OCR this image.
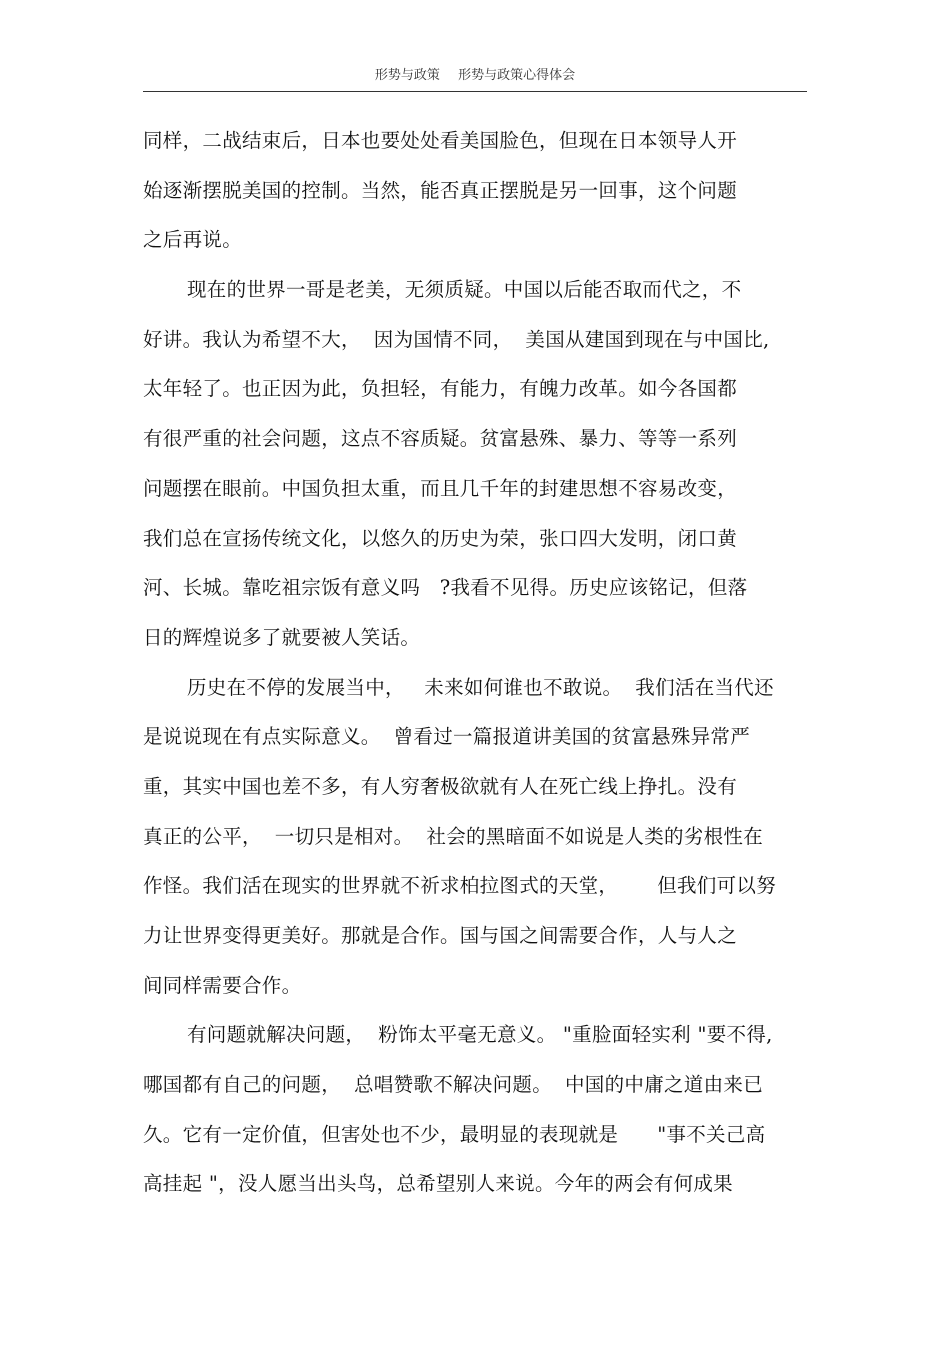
形势与政策 形势与政策心得体会
同样，二战结束后，日本也要处处看美国脸色，但现在日本领导人开
始逐渐摆脱美国的控制。当然，能否真正摆脱是另一回事，这个问题
之后再说。
现在的世界一哥是老美，无须质疑。中国以后能否取而代之，不
好讲。我认为希望不大，  因为国情不同，  美国从建国到现在与中国比,
太年轻了。也正因为此，负担轻，有能力，有魄力改革。如今各国都
有很严重的社会问题，这点不容质疑。贫富悬殊、暴力、等等一系列
问题摆在眼前。中国负担太重，而且几千年的封建思想不容易改变，
我们总在宣扬传统文化，以悠久的历史为荣，张口四大发明，闭口黄
河、长城。靠吃祖宗饭有意义吗   ?我看不见得。历史应该铭记，但落
日的辉煌说多了就要被人笑话。
历史在不停的发展当中，   未来如何谁也不敢说。  我们活在当代还
是说说现在有点实际意义。  曾看过一篇报道讲美国的贫富悬殊异常严
重，其实中国也差不多，有人穷奢极欲就有人在死亡线上挣扎。没有
真正的公平，  一切只是相对。  社会的黑暗面不如说是人类的劣根性在
作怪。我们活在现实的世界就不祈求柏拉图式的天堂，      但我们可以努
力让世界变得更美好。那就是合作。国与国之间需要合作，人与人之
间同样需要合作。
有问题就解决问题，  粉饰太平毫无意义。 "重脸面轻实利 "要不得,
哪国都有自己的问题，  总唱赞歌不解决问题。  中国的中庸之道由来已
久。它有一定价值，但害处也不少，最明显的表现就是      "事不关己高
高挂起 "，没人愿当出头鸟，总希望别人来说。今年的两会有何成果
